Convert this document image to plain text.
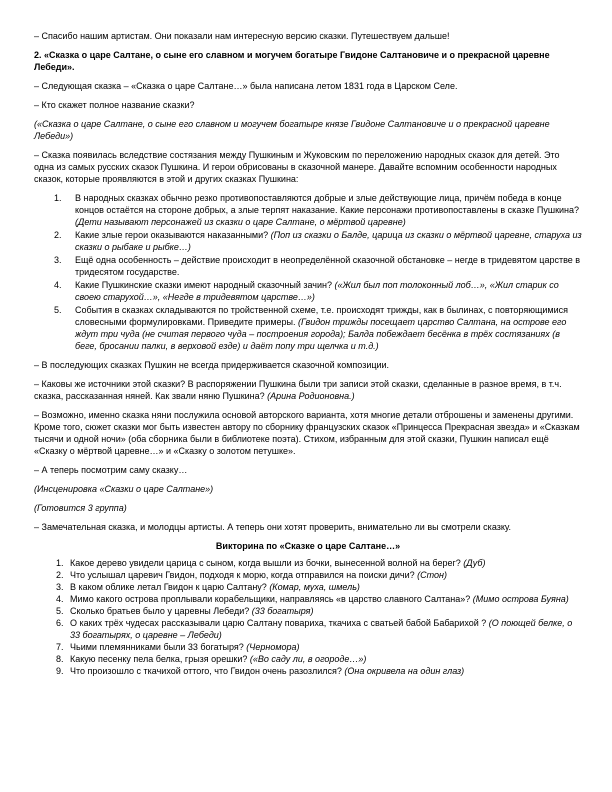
– Спасибо нашим артистам. Они показали нам интересную версию сказки. Путешествуем дальше!

2. «Сказка о царе Салтане, о сыне его славном и могучем богатыре Гвидоне Салтановиче и о прекрасной царевне Лебеди».

– Следующая сказка – «Сказка о царе Салтане…» была написана летом 1831 года в Царском Селе.

– Кто скажет полное название сказки?

(«Сказка о царе Салтане, о сыне его славном и могучем богатыре князе Гвидоне Салтановиче и о прекрасной царевне Лебеди»)

– Сказка появилась вследствие состязания между Пушкиным и Жуковским по переложению народных сказок для детей. Это одна из самых русских сказок Пушкина. И герои обрисованы в сказочной манере. Давайте вспомним особенности народных сказок, которые проявляются в этой и других сказках Пушкина:

1. В народных сказках обычно резко противопоставляются добрые и злые действующие лица, причём победа в конце концов остаётся на стороне добрых, а злые терпят наказание. Какие персонажи противопоставлены в сказке Пушкина? (Дети называют персонажей из сказки о царе Салтане, о мёртвой царевне)
2. Какие злые герои оказываются наказанными? (Поп из сказки о Балде, царица из сказки о мёртвой царевне, старуха из сказки о рыбаке и рыбке…)
3. Ещё одна особенность – действие происходит в неопределённой сказочной обстановке – негде в тридевятом царстве в тридесятом государстве.
4. Какие Пушкинские сказки имеют народный сказочный зачин? («Жил был поп толоконный лоб…», «Жил старик со своею старухой…», «Негде в тридевятом царстве…»)
5. События в сказках складываются по тройственной схеме, т.е. происходят трижды, как в былинах, с повторяющимися словесными формулировками. Приведите примеры. (Гвидон трижды посещает царство Салтана, на острове его ждут три чуда (не считая первого чуда – построения города); Балда побеждает бесёнка в трёх состязаниях (в беге, бросании палки, в верховой езде) и даёт попу три щелчка и т.д.)

– В последующих сказках Пушкин не всегда придерживается сказочной композиции.

– Каковы же источники этой сказки? В распоряжении Пушкина были три записи этой сказки, сделанные в разное время, в т.ч. сказка, рассказанная няней. Как звали няню Пушкина? (Арина Родионовна.)

– Возможно, именно сказка няни послужила основой авторского варианта, хотя многие детали отброшены и заменены другими. Кроме того, сюжет сказки мог быть известен автору по сборнику французских сказок «Принцесса Прекрасная звезда» и «Сказкам тысячи и одной ночи» (оба сборника были в библиотеке поэта). Стихом, избранным для этой сказки, Пушкин написал ещё «Сказку о мёртвой царевне…» и «Сказку о золотом петушке».

– А теперь посмотрим саму сказку…

(Инсценировка «Сказки о царе Салтане»)

(Готовится 3 группа)

– Замечательная сказка, и молодцы артисты. А теперь они хотят проверить, внимательно ли вы смотрели сказку.

Викторина по «Сказке о царе Салтане…»

1. Какое дерево увидели царица с сыном, когда вышли из бочки, вынесенной волной на берег? (Дуб)
2. Что услышал царевич Гвидон, подходя к морю, когда отправился на поиски дичи? (Стон)
3. В каком облике летал Гвидон к царю Салтану? (Комар, муха, шмель)
4. Мимо какого острова проплывали корабельщики, направляясь «в царство славного Салтана»? (Мимо острова Буяна)
5. Сколько братьев было у царевны Лебеди? (33 богатыря)
6. О каких трёх чудесах рассказывали царю Салтану повариха, ткачиха с сватьей бабой Бабарихой ? (О поющей белке, о 33 богатырях, о царевне – Лебеди)
7. Чьими племянниками были 33 богатыря? (Черномора)
8. Какую песенку пела белка, грызя орешки? («Во саду ли, в огороде…»)
9. Что произошло с ткачихой оттого, что Гвидон очень разозлился? (Она окривела на один глаз)
